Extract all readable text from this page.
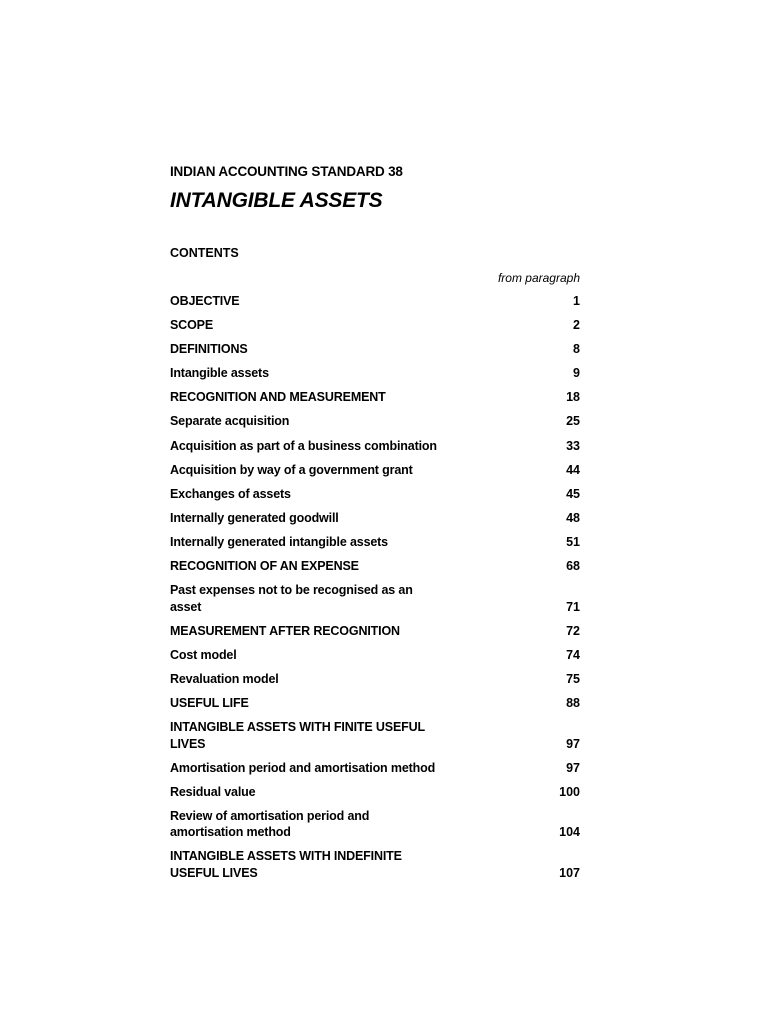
INDIAN ACCOUNTING STANDARD 38

INTANGIBLE ASSETS

CONTENTS

from paragraph

OBJECTIVE	1
SCOPE	2
DEFINITIONS	8
Intangible assets	9
RECOGNITION AND MEASUREMENT	18
Separate acquisition	25
Acquisition as part of a business combination	33
Acquisition by way of a government grant	44
Exchanges of assets	45
Internally generated goodwill	48
Internally generated intangible assets	51
RECOGNITION OF AN EXPENSE	68
Past expenses not to be recognised as an asset	71
MEASUREMENT AFTER RECOGNITION	72
Cost model	74
Revaluation model	75
USEFUL LIFE	88
INTANGIBLE ASSETS WITH FINITE USEFUL LIVES	97
Amortisation period and amortisation method	97
Residual value	100
Review of amortisation period and amortisation method	104
INTANGIBLE ASSETS WITH INDEFINITE USEFUL LIVES	107
